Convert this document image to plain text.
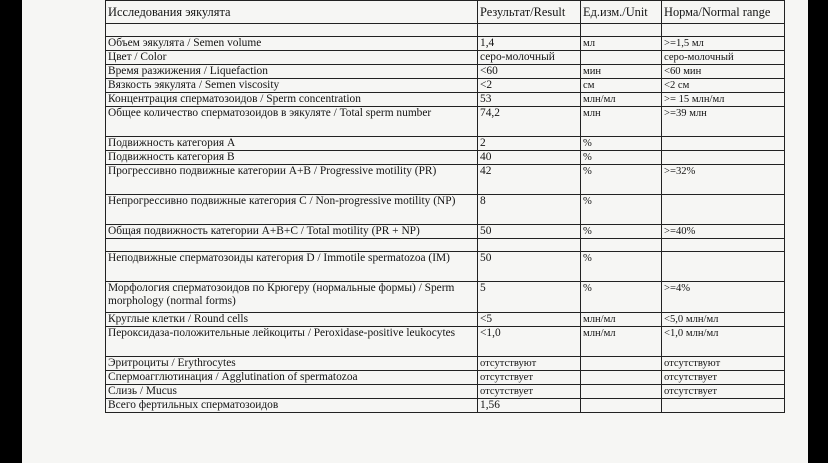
Исследования эякулята	Результат/Result	Ед.изм./Unit	Норма/Normal range

Объем эякулята / Semen volume	1,4	мл	>=1,5 мл
Цвет / Color	серо-молочный		серо-молочный
Время разжижения / Liquefaction	<60	мин	<60 мин
Вязкость эякулята / Semen viscosity	<2	см	<2 см
Концентрация сперматозоидов / Sperm concentration	53	млн/мл	>= 15 млн/мл
Общее количество сперматозоидов в эякуляте / Total sperm number	74,2	млн	>=39 млн
Подвижность категория A	2	%	
Подвижность категория B	40	%	
Прогрессивно подвижные категории A+B / Progressive motility (PR)	42	%	>=32%
Непрогрессивно подвижные категория C / Non-progressive motility (NP)	8	%	
Общая подвижность категории A+B+C / Total motility (PR + NP)	50	%	>=40%

Неподвижные сперматозоиды категория D / Immotile spermatozoa (IM)	50	%	
Морфология сперматозоидов по Крюгеру (нормальные формы) / Sperm morphology (normal forms)	5	%	>=4%
Круглые клетки / Round cells	<5	млн/мл	<5,0 млн/мл
Пероксидаза-положительные лейкоциты / Peroxidase-positive leukocytes	<1,0	млн/мл	<1,0 млн/мл
Эритроциты / Erythrocytes	отсутствуют		отсутствуют
Спермоагглютинация / Agglutination of spermatozoa	отсутствует		отсутствует
Слизь / Mucus	отсутствует		отсутствует
Всего фертильных сперматозоидов	1,56		
